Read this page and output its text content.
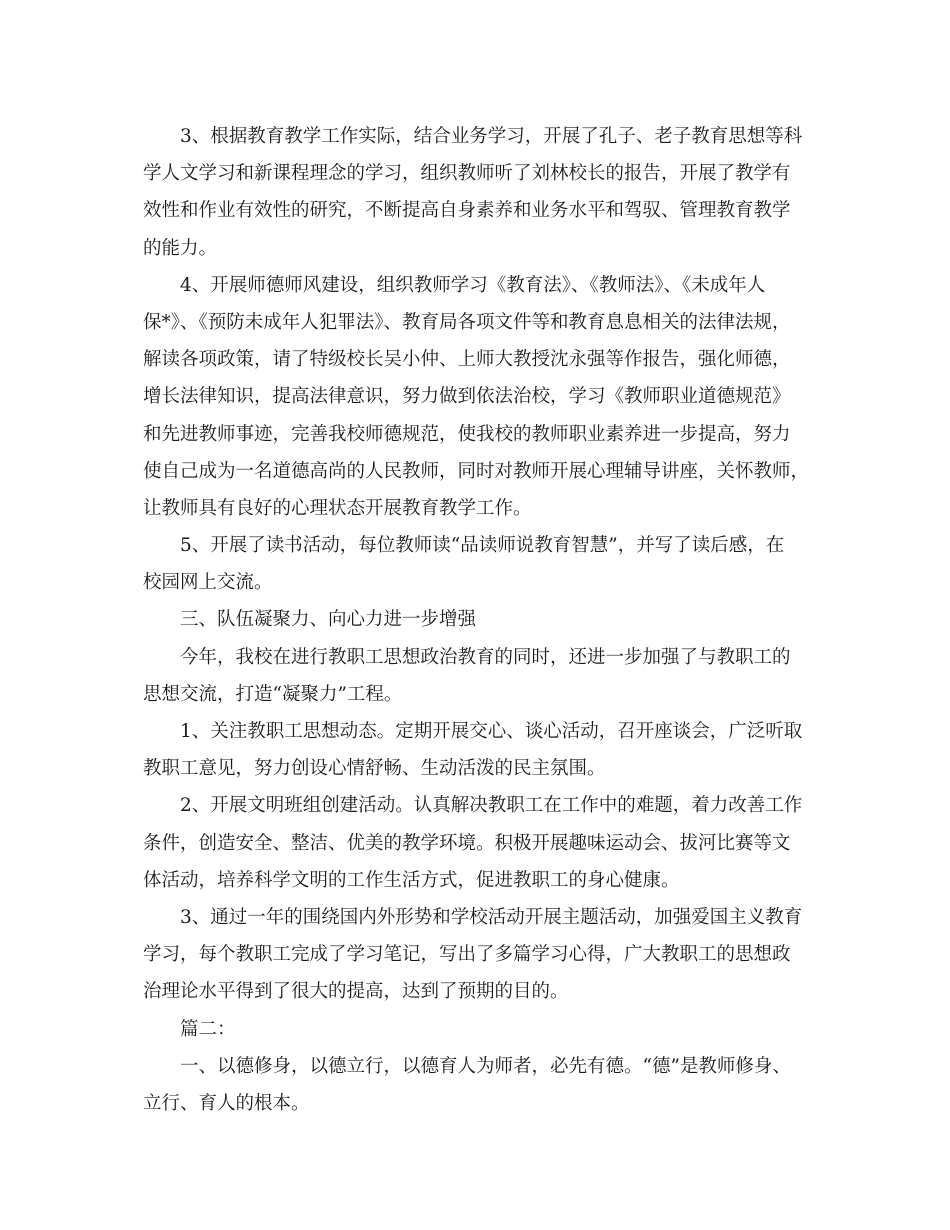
3、根据教育教学工作实际，结合业务学习，开展了孔子、老子教育思想等科
学人文学习和新课程理念的学习，组织教师听了刘林校长的报告，开展了教学有
效性和作业有效性的研究，不断提高自身素养和业务水平和驾驭、管理教育教学
的能力。
4、开展师德师风建设，组织教师学习《教育法》、《教师法》、《未成年人
保*》、《预防未成年人犯罪法》、教育局各项文件等和教育息息相关的法律法规，
解读各项政策，请了特级校长吴小仲、上师大教授沈永强等作报告，强化师德，
增长法律知识，提高法律意识，努力做到依法治校，学习《教师职业道德规范》
和先进教师事迹，完善我校师德规范，使我校的教师职业素养进一步提高，努力
使自己成为一名道德高尚的人民教师，同时对教师开展心理辅导讲座，关怀教师，
让教师具有良好的心理状态开展教育教学工作。
5、开展了读书活动，每位教师读“品读师说教育智慧”，并写了读后感，在
校园网上交流。
三、队伍凝聚力、向心力进一步增强
今年，我校在进行教职工思想政治教育的同时，还进一步加强了与教职工的
思想交流，打造“凝聚力”工程。
1、关注教职工思想动态。定期开展交心、谈心活动，召开座谈会，广泛听取
教职工意见，努力创设心情舒畅、生动活泼的民主氛围。
2、开展文明班组创建活动。认真解决教职工在工作中的难题，着力改善工作
条件，创造安全、整洁、优美的教学环境。积极开展趣味运动会、拔河比赛等文
体活动，培养科学文明的工作生活方式，促进教职工的身心健康。
3、通过一年的围绕国内外形势和学校活动开展主题活动，加强爱国主义教育
学习，每个教职工完成了学习笔记，写出了多篇学习心得，广大教职工的思想政
治理论水平得到了很大的提高，达到了预期的目的。
篇二：
一、以德修身，以德立行，以德育人为师者，必先有德。“德”是教师修身、
立行、育人的根本。
